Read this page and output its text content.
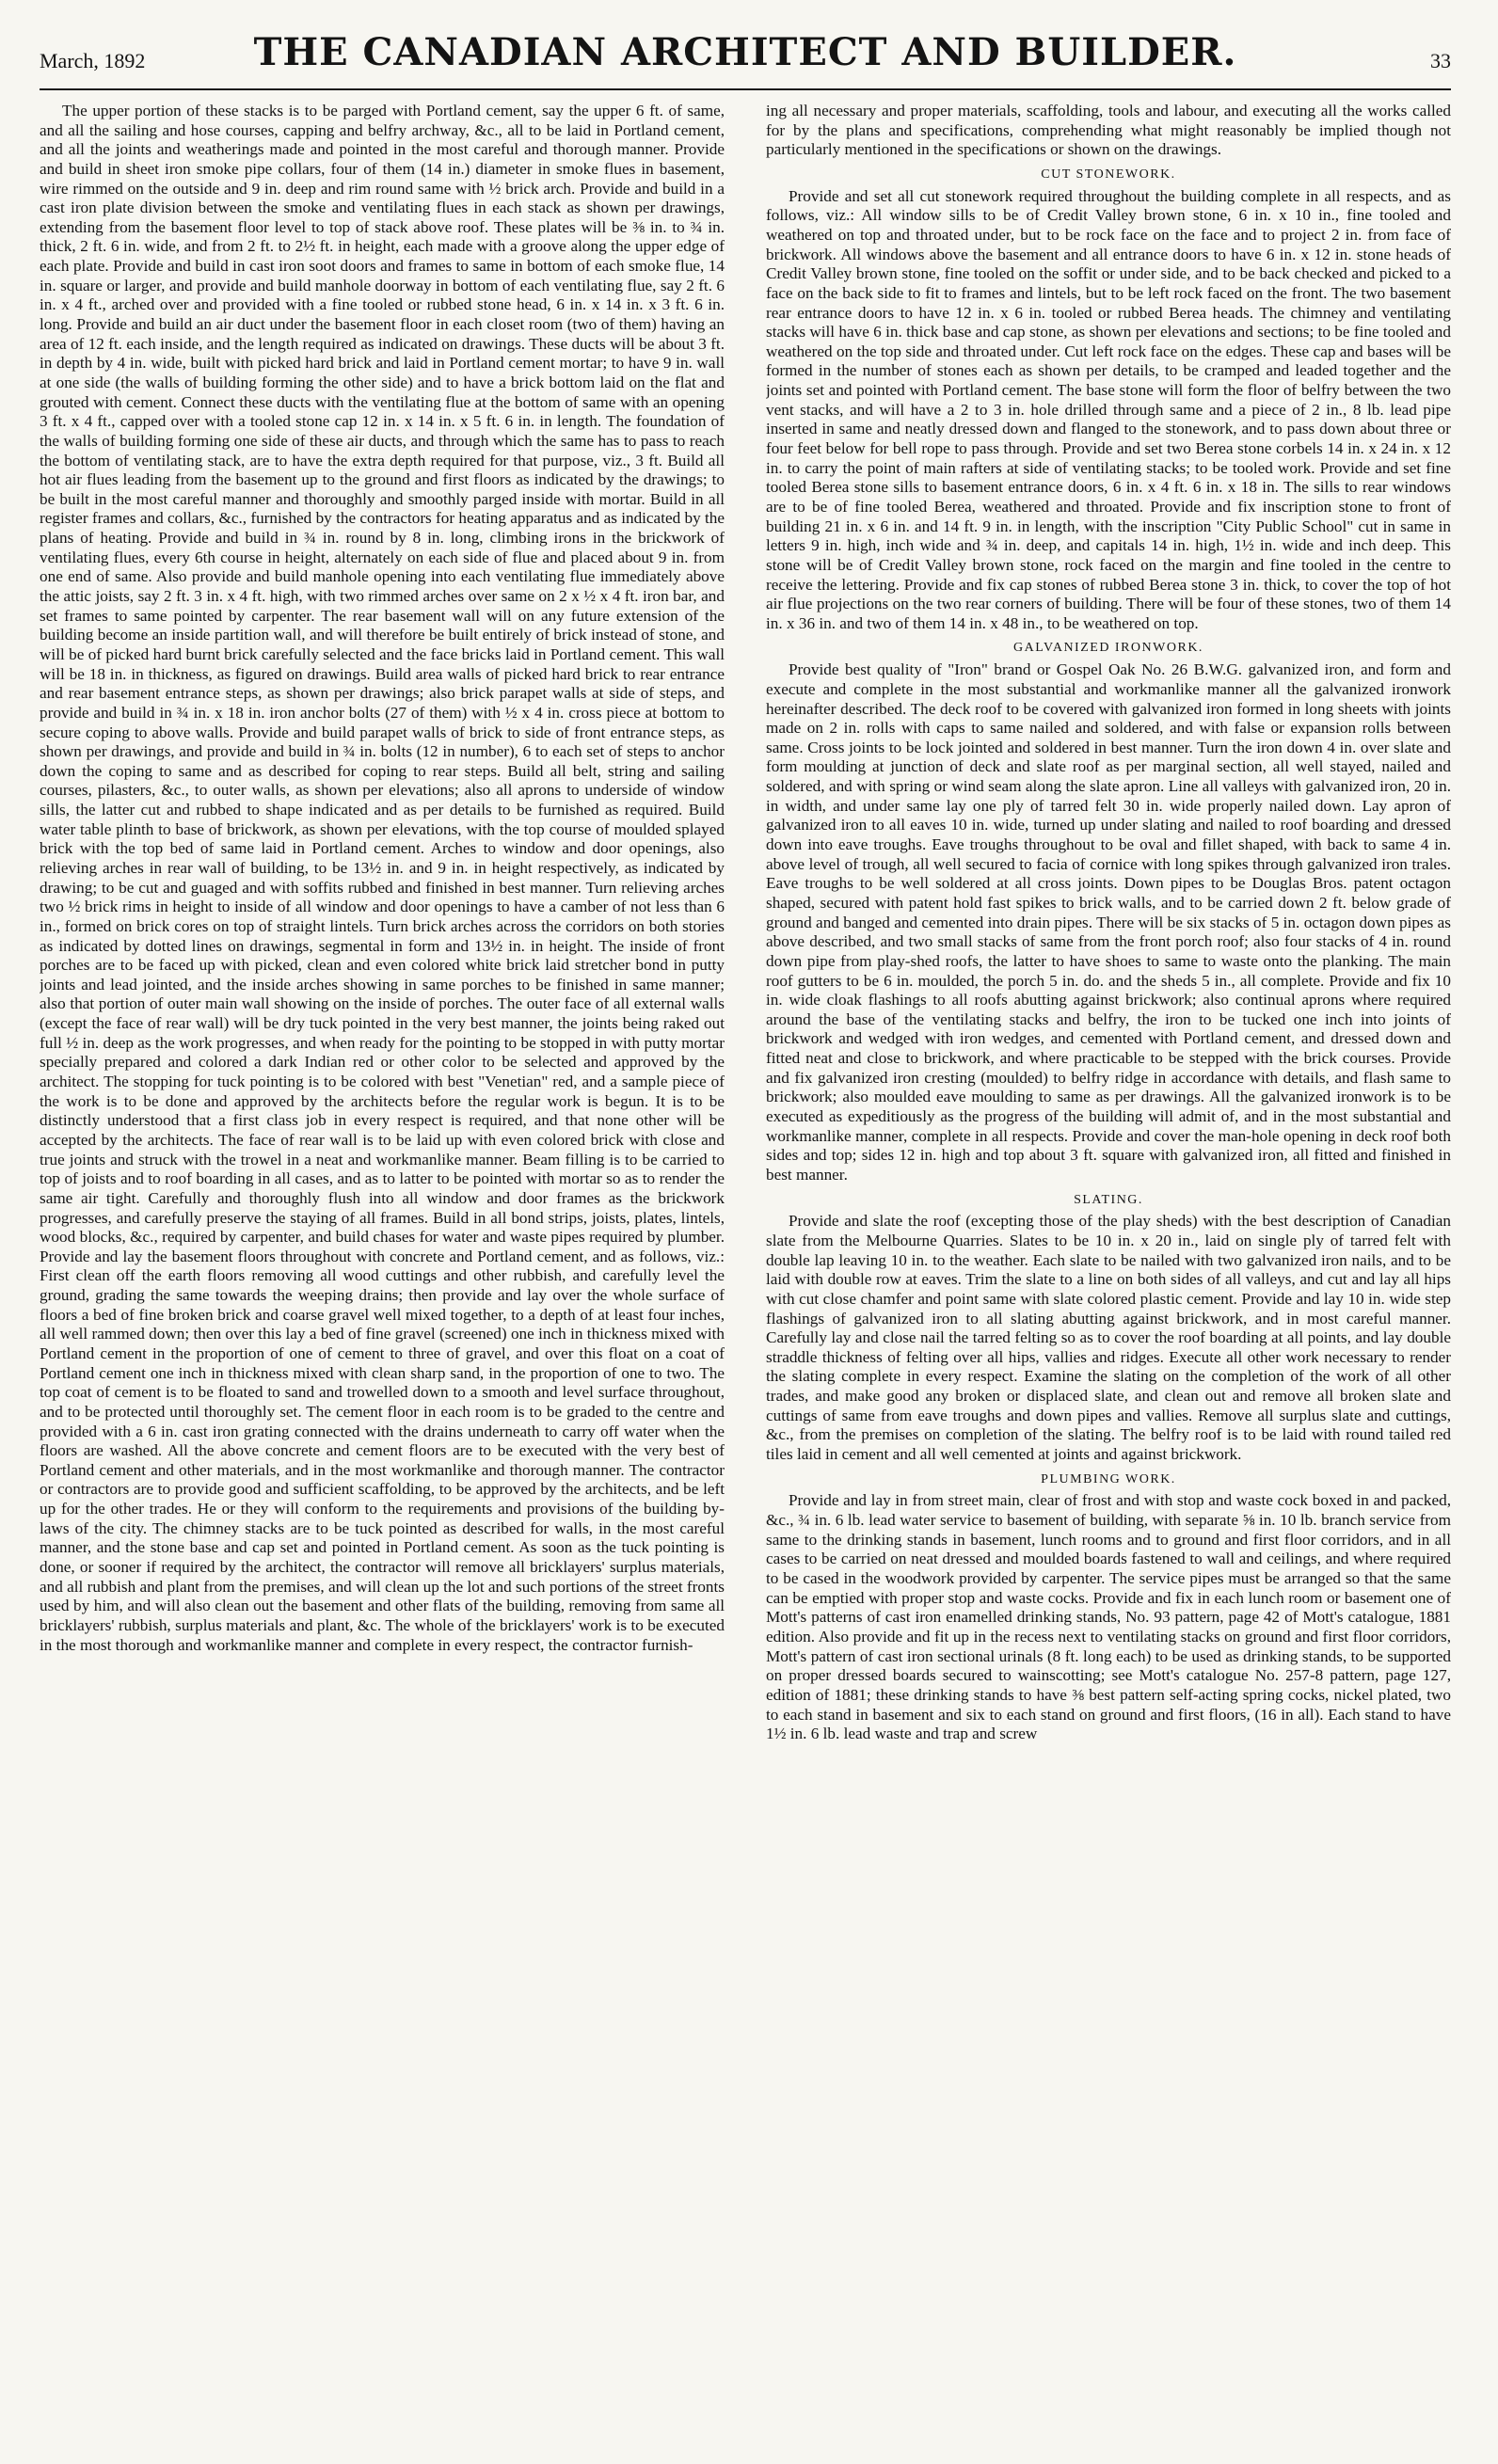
March, 1892	THE CANADIAN ARCHITECT AND BUILDER.	33

The upper portion of these stacks is to be parged with Portland cement, say the upper 6 ft. of same, and all the sailing and hose courses, capping and belfry archway, &c., all to be laid in Portland cement, and all the joints and weatherings made and pointed in the most careful and thorough manner. Provide and build in sheet iron smoke pipe collars, four of them (14 in.) diameter in smoke flues in basement, wire rimmed on the outside and 9 in. deep and rim round same with ½ brick arch. Provide and build in a cast iron plate division between the smoke and ventilating flues in each stack as shown per drawings, extending from the basement floor level to top of stack above roof. These plates will be ⅜ in. to ¾ in. thick, 2 ft. 6 in. wide, and from 2 ft. to 2½ ft. in height, each made with a groove along the upper edge of each plate. Provide and build in cast iron soot doors and frames to same in bottom of each smoke flue, 14 in. square or larger, and provide and build manhole doorway in bottom of each ventilating flue, say 2 ft. 6 in. x 4 ft., arched over and provided with a fine tooled or rubbed stone head, 6 in. x 14 in. x 3 ft. 6 in. long. Provide and build an air duct under the basement floor in each closet room (two of them) having an area of 12 ft. each inside, and the length required as indicated on drawings. These ducts will be about 3 ft. in depth by 4 in. wide, built with picked hard brick and laid in Portland cement mortar; to have 9 in. wall at one side (the walls of building forming the other side) and to have a brick bottom laid on the flat and grouted with cement. Connect these ducts with the ventilating flue at the bottom of same with an opening 3 ft. x 4 ft., capped over with a tooled stone cap 12 in. x 14 in. x 5 ft. 6 in. in length. The foundation of the walls of building forming one side of these air ducts, and through which the same has to pass to reach the bottom of ventilating stack, are to have the extra depth required for that purpose, viz., 3 ft. Build all hot air flues leading from the basement up to the ground and first floors as indicated by the drawings; to be built in the most careful manner and thoroughly and smoothly parged inside with mortar. Build in all register frames and collars, &c., furnished by the contractors for heating apparatus and as indicated by the plans of heating. Provide and build in ¾ in. round by 8 in. long, climbing irons in the brickwork of ventilating flues, every 6th course in height, alternately on each side of flue and placed about 9 in. from one end of same. Also provide and build manhole opening into each ventilating flue immediately above the attic joists, say 2 ft. 3 in. x 4 ft. high, with two rimmed arches over same on 2 x ½ x 4 ft. iron bar, and set frames to same pointed by carpenter. The rear basement wall will on any future extension of the building become an inside partition wall, and will therefore be built entirely of brick instead of stone, and will be of picked hard burnt brick carefully selected and the face bricks laid in Portland cement. This wall will be 18 in. in thickness, as figured on drawings. Build area walls of picked hard brick to rear entrance and rear basement entrance steps, as shown per drawings; also brick parapet walls at side of steps, and provide and build in ¾ in. x 18 in. iron anchor bolts (27 of them) with ½ x 4 in. cross piece at bottom to secure coping to above walls. Provide and build parapet walls of brick to side of front entrance steps, as shown per drawings, and provide and build in ¾ in. bolts (12 in number), 6 to each set of steps to anchor down the coping to same and as described for coping to rear steps. Build all belt, string and sailing courses, pilasters, &c., to outer walls, as shown per elevations; also all aprons to underside of window sills, the latter cut and rubbed to shape indicated and as per details to be furnished as required. Build water table plinth to base of brickwork, as shown per elevations, with the top course of moulded splayed brick with the top bed of same laid in Portland cement. Arches to window and door openings, also relieving arches in rear wall of building, to be 13½ in. and 9 in. in height respectively, as indicated by drawing; to be cut and guaged and with soffits rubbed and finished in best manner. Turn relieving arches two ½ brick rims in height to inside of all window and door openings to have a camber of not less than 6 in., formed on brick cores on top of straight lintels. Turn brick arches across the corridors on both stories as indicated by dotted lines on drawings, segmental in form and 13½ in. in height. The inside of front porches are to be faced up with picked, clean and even colored white brick laid stretcher bond in putty joints and lead jointed, and the inside arches showing in same porches to be finished in same manner; also that portion of outer main wall showing on the inside of porches. The outer face of all external walls (except the face of rear wall) will be dry tuck pointed in the very best manner, the joints being raked out full ½ in. deep as the work progresses, and when ready for the pointing to be stopped in with putty mortar specially prepared and colored a dark Indian red or other color to be selected and approved by the architect. The stopping for tuck pointing is to be colored with best "Venetian" red, and a sample piece of the work is to be done and approved by the architects before the regular work is begun. It is to be distinctly understood that a first class job in every respect is required, and that none other will be accepted by the architects. The face of rear wall is to be laid up with even colored brick with close and true joints and struck with the trowel in a neat and workmanlike manner. Beam filling is to be carried to top of joists and to roof boarding in all cases, and as to latter to be pointed with mortar so as to render the same air tight. Carefully and thoroughly flush into all window and door frames as the brickwork progresses, and carefully preserve the staying of all frames. Build in all bond strips, joists, plates, lintels, wood blocks, &c., required by carpenter, and build chases for water and waste pipes required by plumber. Provide and lay the basement floors throughout with concrete and Portland cement, and as follows, viz.: First clean off the earth floors removing all wood cuttings and other rubbish, and carefully level the ground, grading the same towards the weeping drains; then provide and lay over the whole surface of floors a bed of fine broken brick and coarse gravel well mixed together, to a depth of at least four inches, all well rammed down; then over this lay a bed of fine gravel (screened) one inch in thickness mixed with Portland cement in the proportion of one of cement to three of gravel, and over this float on a coat of Portland cement one inch in thickness mixed with clean sharp sand, in the proportion of one to two. The top coat of cement is to be floated to sand and trowelled down to a smooth and level surface throughout, and to be protected until thoroughly set. The cement floor in each room is to be graded to the centre and provided with a 6 in. cast iron grating connected with the drains underneath to carry off water when the floors are washed. All the above concrete and cement floors are to be executed with the very best of Portland cement and other materials, and in the most workmanlike and thorough manner. The contractor or contractors are to provide good and sufficient scaffolding, to be approved by the architects, and be left up for the other trades. He or they will conform to the requirements and provisions of the building by-laws of the city. The chimney stacks are to be tuck pointed as described for walls, in the most careful manner, and the stone base and cap set and pointed in Portland cement. As soon as the tuck pointing is done, or sooner if required by the architect, the contractor will remove all bricklayers' surplus materials, and all rubbish and plant from the premises, and will clean up the lot and such portions of the street fronts used by him, and will also clean out the basement and other flats of the building, removing from same all bricklayers' rubbish, surplus materials and plant, &c. The whole of the bricklayers' work is to be executed in the most thorough and workmanlike manner and complete in every respect, the contractor furnish-

ing all necessary and proper materials, scaffolding, tools and labour, and executing all the works called for by the plans and specifications, comprehending what might reasonably be implied though not particularly mentioned in the specifications or shown on the drawings.

CUT STONEWORK.

Provide and set all cut stonework required throughout the building complete in all respects, and as follows, viz.: All window sills to be of Credit Valley brown stone, 6 in. x 10 in., fine tooled and weathered on top and throated under, but to be rock face on the face and to project 2 in. from face of brickwork. All windows above the basement and all entrance doors to have 6 in. x 12 in. stone heads of Credit Valley brown stone, fine tooled on the soffit or under side, and to be back checked and picked to a face on the back side to fit to frames and lintels, but to be left rock faced on the front. The two basement rear entrance doors to have 12 in. x 6 in. tooled or rubbed Berea heads. The chimney and ventilating stacks will have 6 in. thick base and cap stone, as shown per elevations and sections; to be fine tooled and weathered on the top side and throated under. Cut left rock face on the edges. These cap and bases will be formed in the number of stones each as shown per details, to be cramped and leaded together and the joints set and pointed with Portland cement. The base stone will form the floor of belfry between the two vent stacks, and will have a 2 to 3 in. hole drilled through same and a piece of 2 in., 8 lb. lead pipe inserted in same and neatly dressed down and flanged to the stonework, and to pass down about three or four feet below for bell rope to pass through. Provide and set two Berea stone corbels 14 in. x 24 in. x 12 in. to carry the point of main rafters at side of ventilating stacks; to be tooled work. Provide and set fine tooled Berea stone sills to basement entrance doors, 6 in. x 4 ft. 6 in. x 18 in. The sills to rear windows are to be of fine tooled Berea, weathered and throated. Provide and fix inscription stone to front of building 21 in. x 6 in. and 14 ft. 9 in. in length, with the inscription "City Public School" cut in same in letters 9 in. high, inch wide and ¾ in. deep, and capitals 14 in. high, 1½ in. wide and inch deep. This stone will be of Credit Valley brown stone, rock faced on the margin and fine tooled in the centre to receive the lettering. Provide and fix cap stones of rubbed Berea stone 3 in. thick, to cover the top of hot air flue projections on the two rear corners of building. There will be four of these stones, two of them 14 in. x 36 in. and two of them 14 in. x 48 in., to be weathered on top.

GALVANIZED IRONWORK.

Provide best quality of "Iron" brand or Gospel Oak No. 26 B.W.G. galvanized iron, and form and execute and complete in the most substantial and workmanlike manner all the galvanized ironwork hereinafter described. The deck roof to be covered with galvanized iron formed in long sheets with joints made on 2 in. rolls with caps to same nailed and soldered, and with false or expansion rolls between same. Cross joints to be lock jointed and soldered in best manner. Turn the iron down 4 in. over slate and form moulding at junction of deck and slate roof as per marginal section, all well stayed, nailed and soldered, and with spring or wind seam along the slate apron. Line all valleys with galvanized iron, 20 in. in width, and under same lay one ply of tarred felt 30 in. wide properly nailed down. Lay apron of galvanized iron to all eaves 10 in. wide, turned up under slating and nailed to roof boarding and dressed down into eave troughs. Eave troughs throughout to be oval and fillet shaped, with back to same 4 in. above level of trough, all well secured to facia of cornice with long spikes through galvanized iron trales. Eave troughs to be well soldered at all cross joints. Down pipes to be Douglas Bros. patent octagon shaped, secured with patent hold fast spikes to brick walls, and to be carried down 2 ft. below grade of ground and banged and cemented into drain pipes. There will be six stacks of 5 in. octagon down pipes as above described, and two small stacks of same from the front porch roof; also four stacks of 4 in. round down pipe from play-shed roofs, the latter to have shoes to same to waste onto the planking. The main roof gutters to be 6 in. moulded, the porch 5 in. do. and the sheds 5 in., all complete. Provide and fix 10 in. wide cloak flashings to all roofs abutting against brickwork; also continual aprons where required around the base of the ventilating stacks and belfry, the iron to be tucked one inch into joints of brickwork and wedged with iron wedges, and cemented with Portland cement, and dressed down and fitted neat and close to brickwork, and where practicable to be stepped with the brick courses. Provide and fix galvanized iron cresting (moulded) to belfry ridge in accordance with details, and flash same to brickwork; also moulded eave moulding to same as per drawings. All the galvanized ironwork is to be executed as expeditiously as the progress of the building will admit of, and in the most substantial and workmanlike manner, complete in all respects. Provide and cover the man-hole opening in deck roof both sides and top; sides 12 in. high and top about 3 ft. square with galvanized iron, all fitted and finished in best manner.

SLATING.

Provide and slate the roof (excepting those of the play sheds) with the best description of Canadian slate from the Melbourne Quarries. Slates to be 10 in. x 20 in., laid on single ply of tarred felt with double lap leaving 10 in. to the weather. Each slate to be nailed with two galvanized iron nails, and to be laid with double row at eaves. Trim the slate to a line on both sides of all valleys, and cut and lay all hips with cut close chamfer and point same with slate colored plastic cement. Provide and lay 10 in. wide step flashings of galvanized iron to all slating abutting against brickwork, and in most careful manner. Carefully lay and close nail the tarred felting so as to cover the roof boarding at all points, and lay double straddle thickness of felting over all hips, vallies and ridges. Execute all other work necessary to render the slating complete in every respect. Examine the slating on the completion of the work of all other trades, and make good any broken or displaced slate, and clean out and remove all broken slate and cuttings of same from eave troughs and down pipes and vallies. Remove all surplus slate and cuttings, &c., from the premises on completion of the slating. The belfry roof is to be laid with round tailed red tiles laid in cement and all well cemented at joints and against brickwork.

PLUMBING WORK.

Provide and lay in from street main, clear of frost and with stop and waste cock boxed in and packed, &c., ¾ in. 6 lb. lead water service to basement of building, with separate ⅝ in. 10 lb. branch service from same to the drinking stands in basement, lunch rooms and to ground and first floor corridors, and in all cases to be carried on neat dressed and moulded boards fastened to wall and ceilings, and where required to be cased in the woodwork provided by carpenter. The service pipes must be arranged so that the same can be emptied with proper stop and waste cocks. Provide and fix in each lunch room or basement one of Mott's patterns of cast iron enamelled drinking stands, No. 93 pattern, page 42 of Mott's catalogue, 1881 edition. Also provide and fit up in the recess next to ventilating stacks on ground and first floor corridors, Mott's pattern of cast iron sectional urinals (8 ft. long each) to be used as drinking stands, to be supported on proper dressed boards secured to wainscotting; see Mott's catalogue No. 257-8 pattern, page 127, edition of 1881; these drinking stands to have ⅜ best pattern self-acting spring cocks, nickel plated, two to each stand in basement and six to each stand on ground and first floors, (16 in all). Each stand to have 1½ in. 6 lb. lead waste and trap and screw
